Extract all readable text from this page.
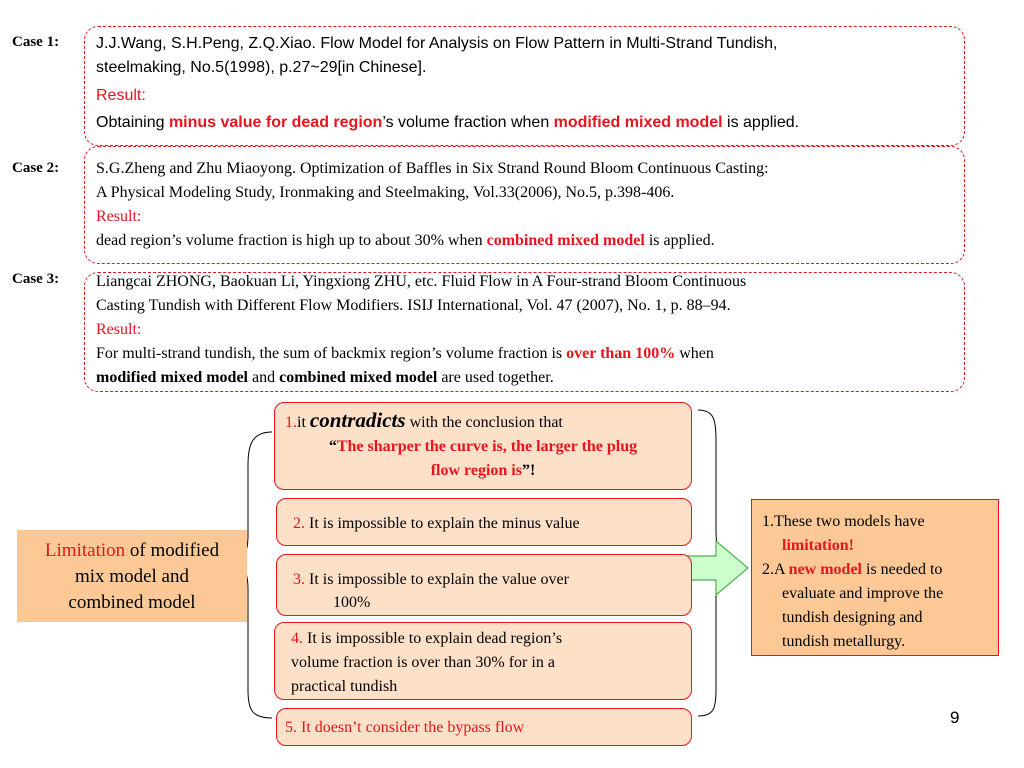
Case 1: J.J.Wang, S.H.Peng, Z.Q.Xiao. Flow Model for Analysis on Flow Pattern in Multi-Strand Tundish,
steelmaking, No.5(1998), p.27~29[in Chinese].
Result:
Obtaining minus value for dead region’s volume fraction when modified mixed model is applied.
Case 2: S.G.Zheng and Zhu Miaoyong. Optimization of Baffles in Six Strand Round Bloom Continuous Casting:
A Physical Modeling Study, Ironmaking and Steelmaking, Vol.33(2006), No.5, p.398-406.
Result:
dead region’s volume fraction is high up to about 30% when combined mixed model is applied.
Case 3: Liangcai ZHONG, Baokuan Li, Yingxiong ZHU, etc. Fluid Flow in A Four-strand Bloom Continuous
Casting Tundish with Different Flow Modifiers. ISIJ International, Vol. 47 (2007), No. 1, p. 88–94.
Result:
For multi-strand tundish, the sum of backmix region’s volume fraction is over than 100% when
modified mixed model and combined mixed model are used together.
Limitation of modified
mix model and
combined model
1.it contradicts with the conclusion that
“The sharper the curve is, the larger the plug
flow region is”!
2. It is impossible to explain the minus value
3. It is impossible to explain the value over
100%
4. It is impossible to explain dead region’s
volume fraction is over than 30% for in a
practical tundish
5. It doesn’t consider the bypass flow
1.These two models have
limitation!
2.A new model is needed to
evaluate and improve the
tundish designing and
tundish metallurgy.
9
